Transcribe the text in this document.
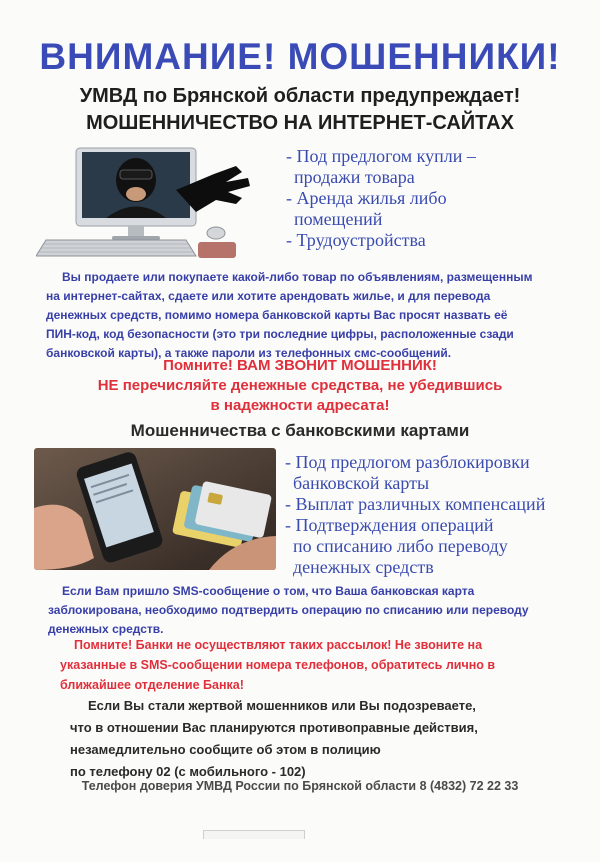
ВНИМАНИЕ! МОШЕННИКИ!
УМВД по Брянской области предупреждает!
МОШЕННИЧЕСТВО НА ИНТЕРНЕТ-САЙТАХ
- Под предлогом купли –
продажи товара
- Аренда жилья либо
помещений
- Трудоустройства
Вы продаете или покупаете какой-либо товар по объявлениям, размещенным
на интернет-сайтах, сдаете или хотите арендовать жилье, и для перевода
денежных средств, помимо номера банковской карты Вас просят назвать её
ПИН-код, код безопасности (это три последние цифры, расположенные сзади
банковской карты), а также пароли из телефонных смс-сообщений.
Помните! ВАМ ЗВОНИТ МОШЕННИК!
НЕ перечисляйте денежные средства, не убедившись
в надежности адресата!
Мошенничества с банковскими картами
- Под предлогом разблокировки
банковской карты
- Выплат различных компенсаций
- Подтверждения операций
по списанию либо переводу
денежных средств
Если Вам пришло SMS-сообщение о том, что Ваша банковская карта
заблокирована, необходимо подтвердить операцию по списанию или переводу
денежных средств.
Помните! Банки не осуществляют таких рассылок! Не звоните на
указанные в SMS-сообщении номера телефонов, обратитесь лично в
ближайшее отделение Банка!
Если Вы стали жертвой мошенников или Вы подозреваете,
что в отношении Вас планируются противоправные действия,
незамедлительно сообщите об этом в полицию
по телефону 02 (с мобильного - 102)
Телефон доверия УМВД России по Брянской области 8 (4832) 72 22 33
